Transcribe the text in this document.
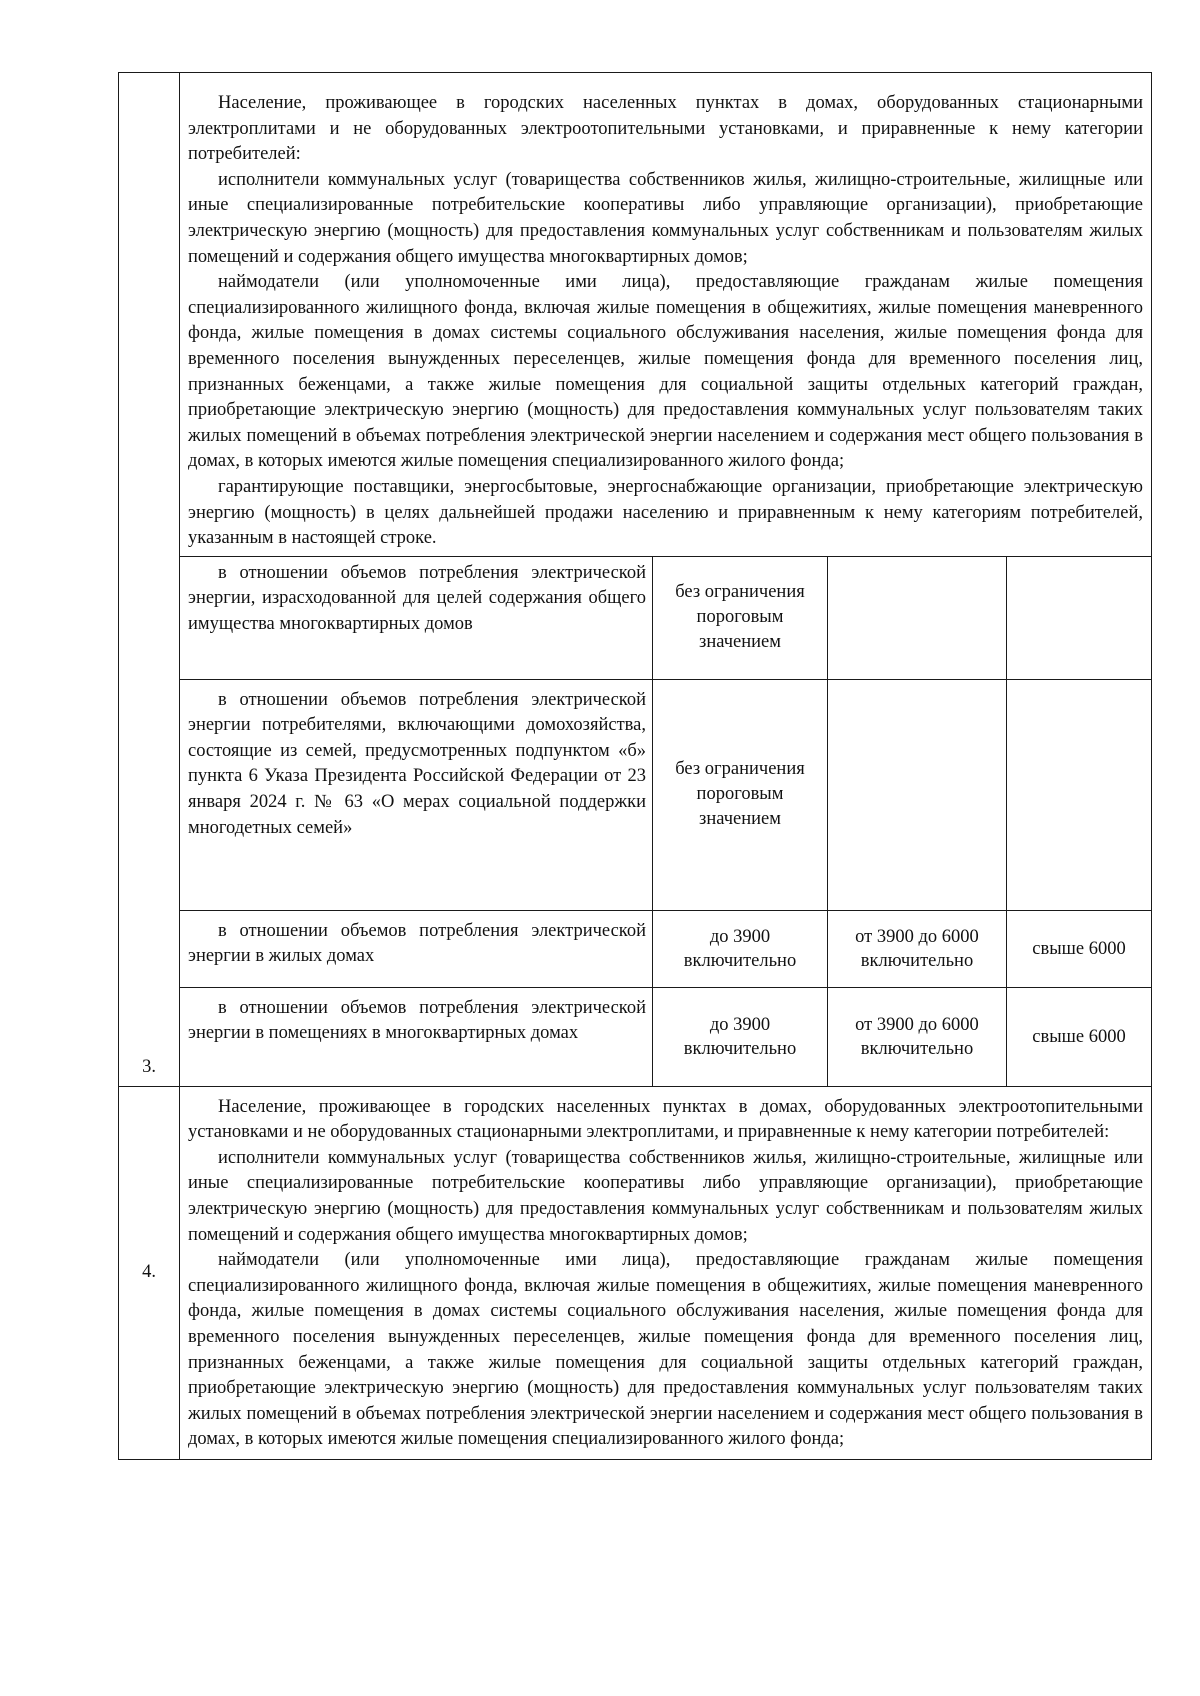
3.

Население, проживающее в городских населенных пунктах в домах, оборудованных стационарными электроплитами и не оборудованных электроотопительными установками, и приравненные к нему категории потребителей:

исполнители коммунальных услуг (товарищества собственников жилья, жилищно-строительные, жилищные или иные специализированные потребительские кооперативы либо управляющие организации), приобретающие электрическую энергию (мощность) для предоставления коммунальных услуг собственникам и пользователям жилых помещений и содержания общего имущества многоквартирных домов;

наймодатели (или уполномоченные ими лица), предоставляющие гражданам жилые помещения специализированного жилищного фонда, включая жилые помещения в общежитиях, жилые помещения маневренного фонда, жилые помещения в домах системы социального обслуживания населения, жилые помещения фонда для временного поселения вынужденных переселенцев, жилые помещения фонда для временного поселения лиц, признанных беженцами, а также жилые помещения для социальной защиты отдельных категорий граждан, приобретающие электрическую энергию (мощность) для предоставления коммунальных услуг пользователям таких жилых помещений в объемах потребления электрической энергии населением и содержания мест общего пользования в домах, в которых имеются жилые помещения специализированного жилого фонда;

гарантирующие поставщики, энергосбытовые, энергоснабжающие организации, приобретающие электрическую энергию (мощность) в целях дальнейшей продажи населению и приравненным к нему категориям потребителей, указанным в настоящей строке.

в отношении объемов потребления электрической энергии, израсходованной для целей содержания общего имущества многоквартирных домов
	без ограничения пороговым значением		

в отношении объемов потребления электрической энергии потребителями, включающими домохозяйства, состоящие из семей, предусмотренных подпунктом «б» пункта 6 Указа Президента Российской Федерации от 23 января 2024 г. № 63 «О мерах социальной поддержки многодетных семей»
	без ограничения пороговым значением		

в отношении объемов потребления электрической энергии в жилых домах
	до 3900 включительно	от 3900 до 6000 включительно	свыше 6000

в отношении объемов потребления электрической энергии в помещениях в многоквартирных домах	до 3900 включительно	от 3900 до 6000 включительно	свыше 6000

4.	

Население, проживающее в городских населенных пунктах в домах, оборудованных электроотопительными установками и не оборудованных стационарными электроплитами, и приравненные к нему категории потребителей:

исполнители коммунальных услуг (товарищества собственников жилья, жилищно-строительные, жилищные или иные специализированные потребительские кооперативы либо управляющие организации), приобретающие электрическую энергию (мощность) для предоставления коммунальных услуг собственникам и пользователям жилых помещений и содержания общего имущества многоквартирных домов;

наймодатели (или уполномоченные ими лица), предоставляющие гражданам жилые помещения специализированного жилищного фонда, включая жилые помещения в общежитиях, жилые помещения маневренного фонда, жилые помещения в домах системы социального обслуживания населения, жилые помещения фонда для временного поселения вынужденных переселенцев, жилые помещения фонда для временного поселения лиц, признанных беженцами, а также жилые помещения для социальной защиты отдельных категорий граждан, приобретающие электрическую энергию (мощность) для предоставления коммунальных услуг пользователям таких жилых помещений в объемах потребления электрической энергии населением и содержания мест общего пользования в домах, в которых имеются жилые помещения специализированного жилого фонда;
